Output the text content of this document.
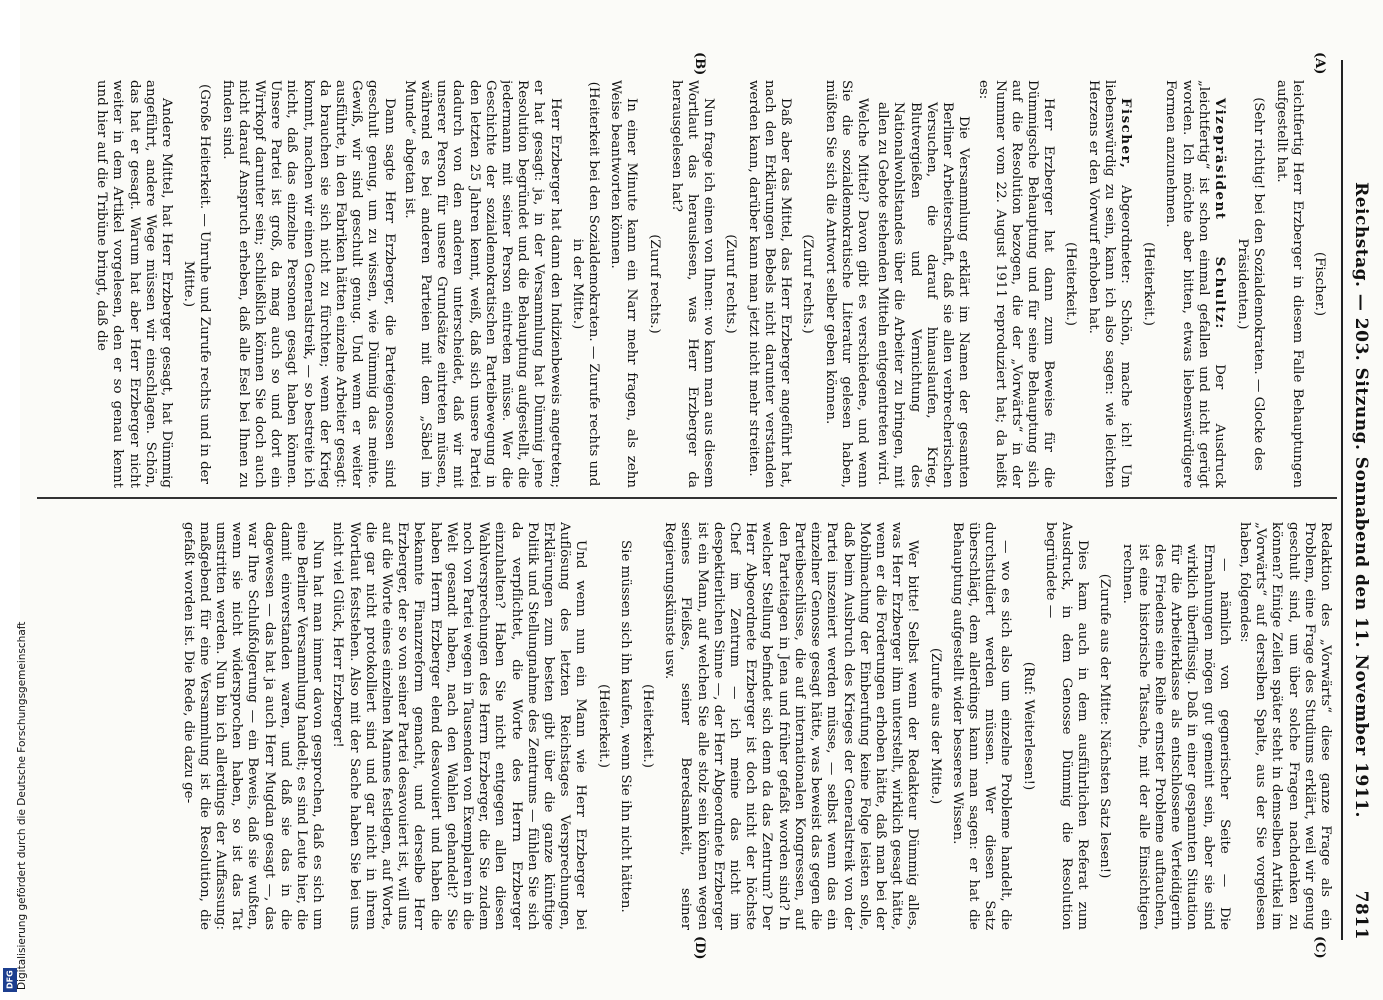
Reichstag. — 203. Sitzung. Sonnabend den 11. November 1911.
7811

(Fischer.)

leichtfertig Herr Erzberger in diesem Falle Behauptungen aufgestellt hat.

(Sehr richtig! bei den Sozialdemokraten. — Glocke des Präsidenten.)

Vizepräsident Schultz: Der Ausdruck „leichtfertig“ ist schon einmal gefallen und nicht gerügt worden. Ich möchte aber bitten, etwas liebenswürdigere Formen anzunehmen.

(Heiterkeit.)

Fischer, Abgeordneter: Schön, mache ich! Um liebenswürdig zu sein, kann ich also sagen: wie leichten Herzens er den Vorwurf erhoben hat.

(Heiterkeit.)

Herr Erzberger hat dann zum Beweise für die Dümmigsche Behauptung und für seine Behauptung sich auf die Resolution bezogen, die der „Vorwärts“ in der Nummer vom 22. August 1911 reproduziert hat; da heißt es:

Die Versammlung erklärt im Namen der gesamten Berliner Arbeiterschaft, daß sie allen verbrecherischen Versuchen, die darauf hinauslaufen, Krieg, Blutvergießen und Vernichtung des Nationalwohlstandes über die Arbeiter zu bringen, mit allen zu Gebote stehenden Mitteln entgegentreten wird.

Welche Mittel? Davon gibt es verschiedene, und wenn Sie die sozialdemokratische Literatur gelesen haben, müßten Sie sich die Antwort selber geben können.

(Zuruf rechts.)

Daß aber das Mittel, das Herr Erzberger angeführt hat, nach den Erklärungen Bebels nicht darunter verstanden werden kann, darüber kann man jetzt nicht mehr streiten.

(Zuruf rechts.)

Nun frage ich einen von Ihnen: wo kann man aus diesem Wortlaut das herauslesen, was Herr Erzberger da herausgelesen hat?

(Zuruf rechts.)

In einer Minute kann ein Narr mehr fragen, als zehn Weise beantworten können.

(Heiterkeit bei den Sozialdemokraten. — Zurufe rechts und in der Mitte.)

Herr Erzberger hat dann den Indizienbeweis angetreten; er hat gesagt: ja, in der Versammlung hat Dümmig jene Resolution begründet und die Behauptung aufgestellt, die jedermann mit seiner Person eintreten müsse. Wer die Geschichte der sozialdemokratischen Parteibewegung in den letzten 25 Jahren kennt, weiß, daß sich unsere Partei dadurch von den anderen unterscheidet, daß wir mit unserer Person für unsere Grundsätze eintreten müssen, während es bei anderen Parteien mit dem „Säbel im Munde“ abgetan ist.

Dann sagte Herr Erzberger, die Parteigenossen sind geschult genug, um zu wissen, wie Dümmig das meinte. Gewiß, wir sind geschult genug. Und wenn er weiter ausführte, in den Fabriken hätten einzelne Arbeiter gesagt: da brauchen sie sich nicht zu fürchten; wenn der Krieg kommt, machen wir einen Generalstreik, — so bestreite ich nicht, daß das einzelne Personen gesagt haben können. Unsere Partei ist groß, da mag auch so und dort ein Wirrkopf darunter sein; schließlich können Sie doch auch nicht darauf Anspruch erheben, daß alle Esel bei Ihnen zu finden sind.

(Große Heiterkeit. — Unruhe und Zurufe rechts und in der Mitte.)

Andere Mittel, hat Herr Erzberger gesagt, hat Dümmig angeführt, andere Wege müssen wir einschlagen. Schön, das hat er gesagt. Warum hat aber Herr Erzberger nicht weiter in dem Artikel vorgelesen, den er so genau kennt und hier auf die Tribüne bringt, daß die

Redaktion des „Vorwärts“ diese ganze Frage als ein Problem, eine Frage des Studiums erklärt, weil wir genug geschult sind, um über solche Fragen nachdenken zu können? Einige Zeilen später steht in demselben Artikel im „Vorwärts“ auf derselben Spalte, aus der Sie vorgelesen haben, folgendes:

— nämlich von gegnerischer Seite — Die Ermahnungen mögen gut gemeint sein, aber sie sind wirklich überflüssig. Daß in einer gespannten Situation für die Arbeiterklasse als entschlossene Verteidigerin des Friedens eine Reihe ernster Probleme auftauchen, ist eine historische Tatsache, mit der alle Einsichtigen rechnen.

(Zurufe aus der Mitte: Nächsten Satz lesen!)

Dies kam auch in dem ausführlichen Referat zum Ausdruck, in dem Genosse Dümmig die Resolution begründete —

(Ruf: Weiterlesen!)

— wo es sich also um einzelne Probleme handelt, die durchstudiert werden müssen. Wer diesen Satz überschlägt, dem allerdings kann man sagen: er hat die Behauptung aufgestellt wider besseres Wissen.

(Zurufe aus der Mitte.)

Wer bitte! Selbst wenn der Redakteur Dümmig alles, was Herr Erzberger ihm unterstellt, wirklich gesagt hätte, wenn er die Forderungen erhoben hätte, daß man bei der Mobilmachung der Einberufung keine Folge leisten solle, daß beim Ausbruch des Krieges der Generalstreik von der Partei inszeniert werden müsse, — selbst wenn das ein einzelner Genosse gesagt hätte, was beweist das gegen die Parteibeschlüsse, die auf internationalen Kongressen, auf den Parteitagen in Jena und früher gefaßt worden sind? In welcher Stellung befindet sich denn da das Zentrum? Der Herr Abgeordnete Erzberger ist doch nicht der höchste Chef im Zentrum — ich meine das nicht im despektierlichen Sinne —, der Herr Abgeordnete Erzberger ist ein Mann, auf welchen Sie alle stolz sein können wegen seines Fleißes, seiner Beredsamkeit, seiner Regierungskünste usw.

(Heiterkeit.)

Sie müssen sich ihn kaufen, wenn Sie ihn nicht hätten.

(Heiterkeit.)

Und wenn nun ein Mann wie Herr Erzberger bei Auflösung des letzten Reichstages Versprechungen, Erklärungen zum besten gibt über die ganze künftige Politik und Stellungnahme des Zentrums — fühlen Sie sich da verpflichtet, die Worte des Herrn Erzberger einzuhalten? Haben Sie nicht entgegen allen diesen Wahlversprechungen des Herrn Erzberger, die Sie zudem noch von Partei wegen in Tausenden von Exemplaren in die Welt gesandt haben, nach den Wahlen gehandelt? Sie haben Herrn Erzberger elend desavouiert und haben die bekannte Finanzreform gemacht, und derselbe Herr Erzberger, der so von seiner Partei desavouiert ist, will uns auf die Worte eines einzelnen Mannes festlegen, auf Worte, die gar nicht protokolliert sind und gar nicht in ihrem Wortlaut feststehen. Also mit der Sache haben Sie bei uns nicht viel Glück, Herr Erzberger!

Nun hat man immer davon gesprochen, daß es sich um eine Berliner Versammlung handelt; es sind Leute hier, die damit einverstanden waren, und daß sie das in die dagewesen — das hat ja auch Herr Mugdan gesagt —, das war Ihre Schlußfolgerung — ein Beweis, daß sie wußten, wenn sie nicht widersprochen haben, so ist das Tat umstritten werden. Nun bin ich allerdings der Auffassung: maßgebend für eine Versammlung ist die Resolution, die gefaßt worden ist. Die Rede, die dazu ge-

(A)
(B)
(C)
(D)
DFG Digitalisierung gefördert durch die Deutsche Forschungsgemeinschaft
